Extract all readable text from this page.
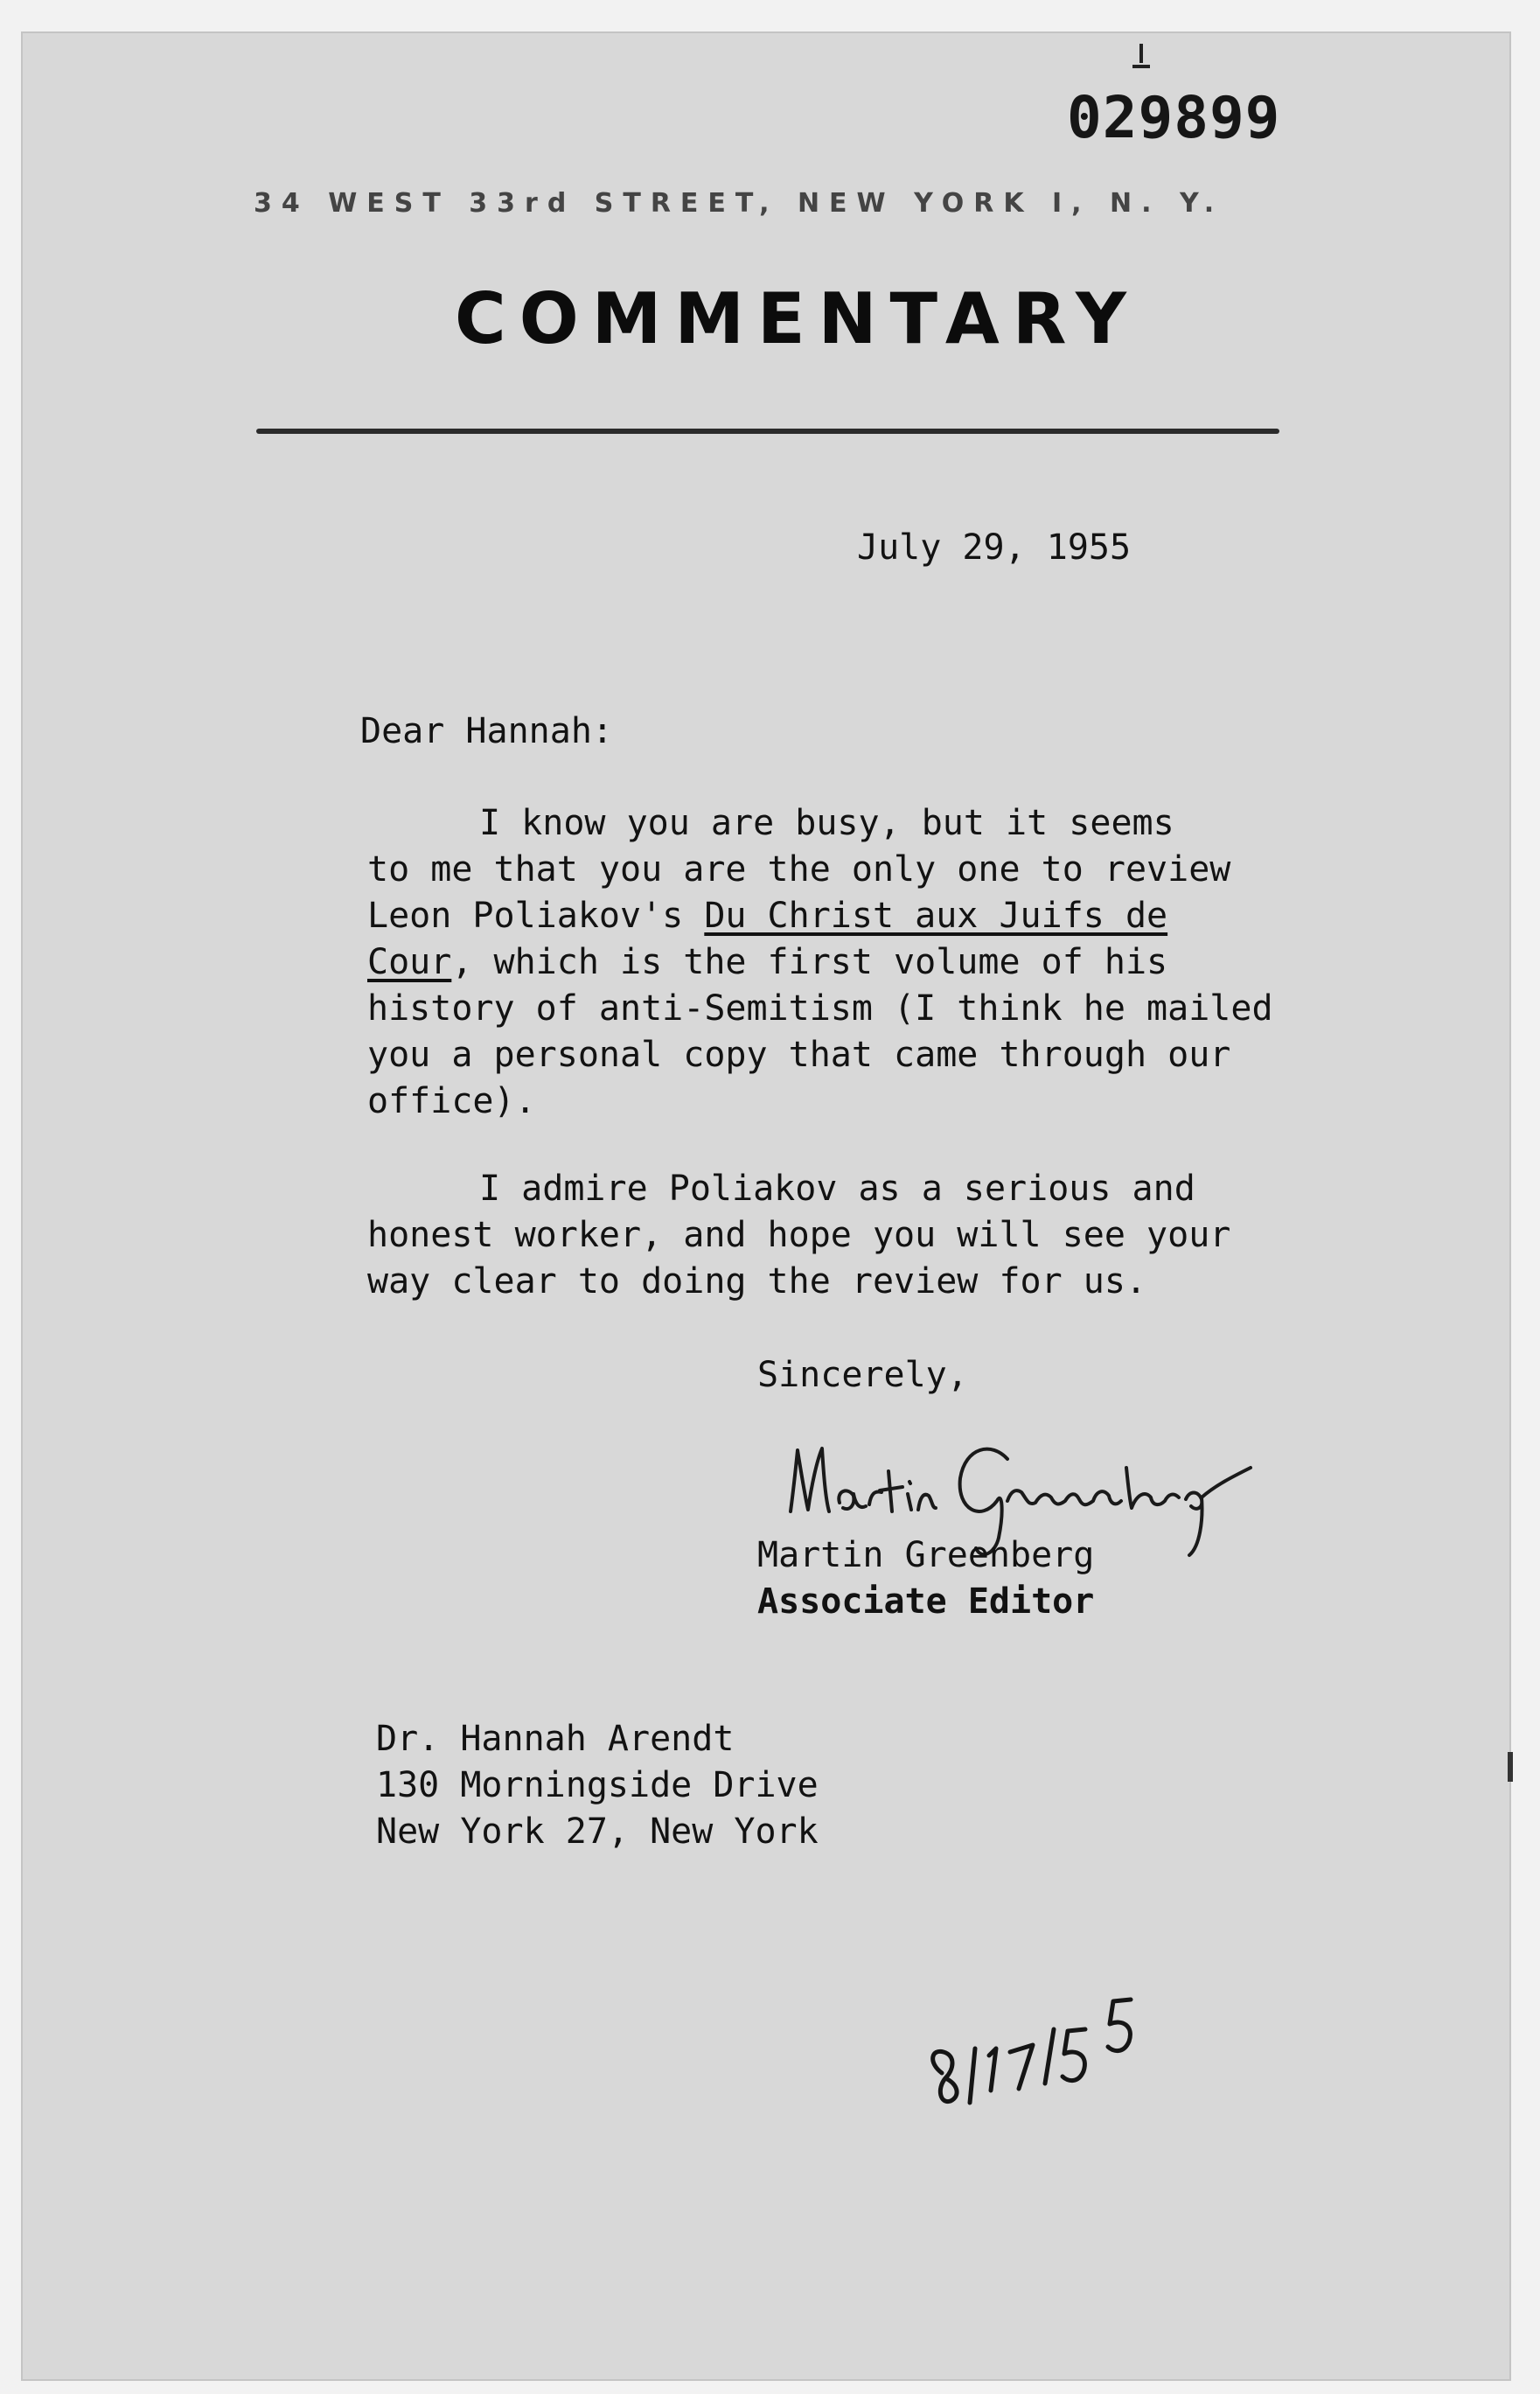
029899
34 WEST 33rd STREET, NEW YORK I, N. Y.
COMMENTARY
July 29, 1955
Dear Hannah:
I know you are busy, but it seems
to me that you are the only one to review
Leon Poliakov's Du Christ aux Juifs de
Cour, which is the first volume of his
history of anti-Semitism (I think he mailed
you a personal copy that came through our
office).
I admire Poliakov as a serious and
honest worker, and hope you will see your
way clear to doing the review for us.
Sincerely,
Martin Greenberg
Associate Editor
Dr. Hannah Arendt
130 Morningside Drive
New York 27, New York
